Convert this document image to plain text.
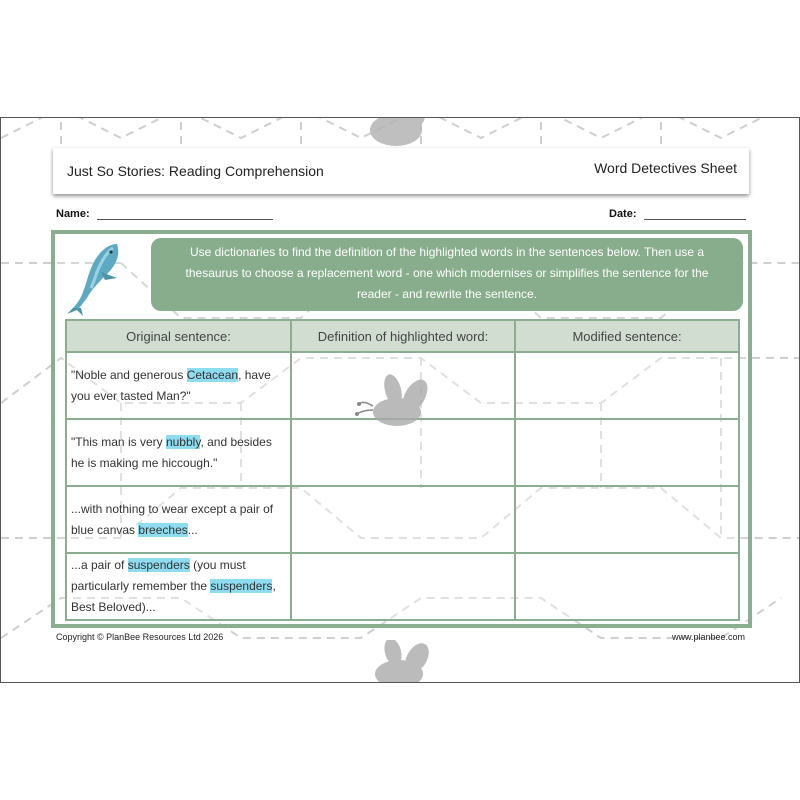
Just So Stories: Reading Comprehension	Word Detectives Sheet
Name:	Date:
Use dictionaries to find the definition of the highlighted words in the sentences below. Then use a
thesaurus to choose a replacement word - one which modernises or simplifies the sentence for the
reader - and rewrite the sentence.
Original sentence:	Definition of highlighted word:	Modified sentence:
"Noble and generous Cetacean, have you ever tasted Man?"		
"This man is very nubbly, and besides he is making me hiccough."		
...with nothing to wear except a pair of blue canvas breeches...		
...a pair of suspenders (you must particularly remember the suspenders, Best Beloved)...		
Copyright © PlanBee Resources Ltd 2026	www.planbee.com
